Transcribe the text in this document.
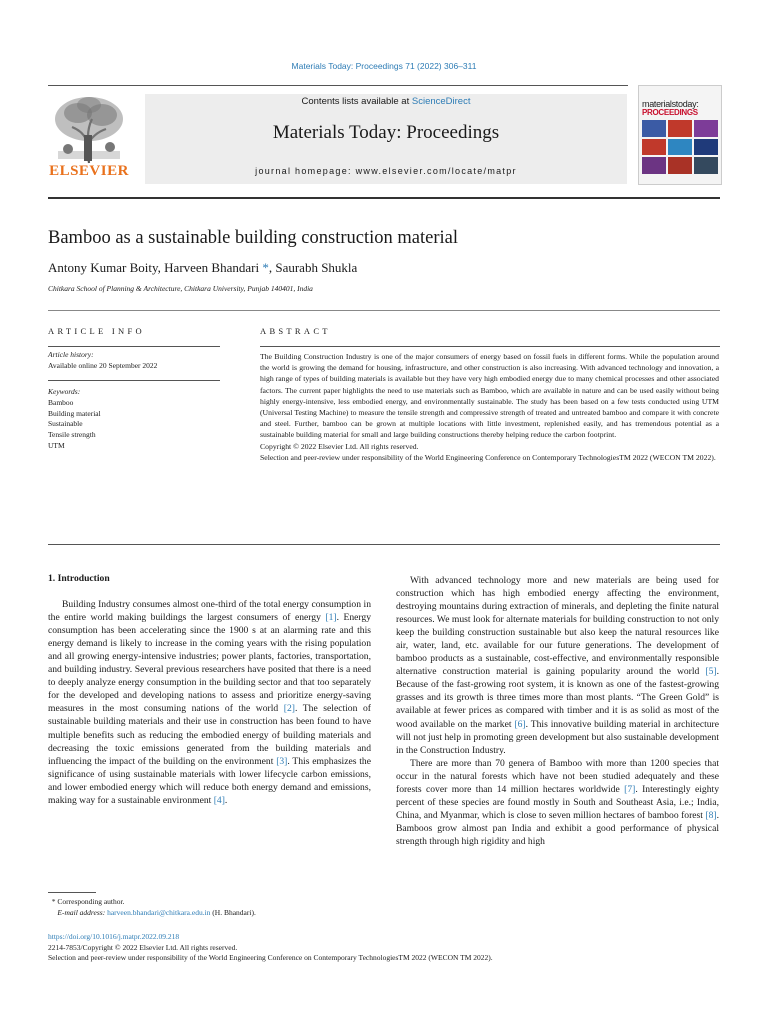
Materials Today: Proceedings 71 (2022) 306–311
ELSEVIER
Contents lists available at ScienceDirect
Materials Today: Proceedings
journal homepage: www.elsevier.com/locate/matpr
materialstoday:
PROCEEDINGS
Bamboo as a sustainable building construction material
Antony Kumar Boity, Harveen Bhandari *, Saurabh Shukla
Chitkara School of Planning & Architecture, Chitkara University, Punjab 140401, India
ARTICLE INFO	ABSTRACT
Article history:
Available online 20 September 2022
Keywords:
Bamboo
Building material
Sustainable
Tensile strength
UTM

The Building Construction Industry is one of the major consumers of energy based on fossil fuels in different forms. While the population around the world is growing the demand for housing, infrastructure, and other construction is also increasing. With advanced technology and innovation, a high range of types of building materials is available but they have very high embodied energy due to many chemical processes and other associated factors. The current paper highlights the need to use materials such as Bamboo, which are available in nature and can be used easily without being highly energy-intensive, less embodied energy, and environmentally sustainable. The study has been based on a few tests conducted using UTM (Universal Testing Machine) to measure the tensile strength and compressive strength of treated and untreated bamboo and compare it with concrete and steel. Further, bamboo can be grown at multiple locations with little investment, replenished easily, and has tremendous potential as a sustainable building material for small and large building constructions thereby helping reduce the carbon footprint.

Copyright © 2022 Elsevier Ltd. All rights reserved.

Selection and peer-review under responsibility of the World Engineering Conference on Contemporary TechnologiesTM 2022 (WECON TM 2022).

1. Introduction

Building Industry consumes almost one-third of the total energy consumption in the entire world making buildings the largest consumers of energy [1]. Energy consumption has been accelerating since the 1900 s at an alarming rate and this energy demand is likely to increase in the coming years with the rising population and all growing energy-intensive industries; power plants, factories, transportation, and building industry. Several previous researchers have posited that there is a need to deeply analyze energy consumption in the building sector and that too separately for the developed and developing nations to assess and prioritize energy-saving measures in the most consuming nations of the world [2]. The selection of sustainable building materials and their use in construction has been found to have multiple benefits such as reducing the embodied energy of building materials and decreasing the toxic emissions generated from the building materials and influencing the impact of the building on the environment [3]. This emphasizes the significance of using sustainable materials with lower lifecycle carbon emissions, and lower embodied energy which will reduce both energy demand and emissions, making way for a sustainable environment [4].

With advanced technology more and new materials are being used for construction which has high embodied energy affecting the environment, destroying mountains during extraction of minerals, and depleting the finite natural resources. We must look for alternate materials for building construction to not only keep the building construction sustainable but also keep the natural resources like air, water, land, etc. available for our future generations. The development of bamboo products as a sustainable, cost-effective, and environmentally responsible alternative construction material is gaining popularity around the world [5]. Because of the fast-growing root system, it is known as one of the fastest-growing grasses and its growth is three times more than most plants. “The Green Gold” is available at fewer prices as compared with timber and it is as solid as most of the wood available on the market [6]. This innovative building material in architecture will not just help in promoting green development but also sustainable development in the Construction Industry.

There are more than 70 genera of Bamboo with more than 1200 species that occur in the natural forests which have not been studied adequately and these forests cover more than 14 million hectares worldwide [7]. Interestingly eighty percent of these species are found mostly in South and Southeast Asia, i.e.; India, China, and Myanmar, which is close to seven million hectares of bamboo forest [8]. Bamboos grow almost pan India and exhibit a good performance of physical strength through high rigidity and high

* Corresponding author.
E-mail address: harveen.bhandari@chitkara.edu.in (H. Bhandari).
https://doi.org/10.1016/j.matpr.2022.09.218
2214-7853/Copyright © 2022 Elsevier Ltd. All rights reserved.
Selection and peer-review under responsibility of the World Engineering Conference on Contemporary TechnologiesTM 2022 (WECON TM 2022).
